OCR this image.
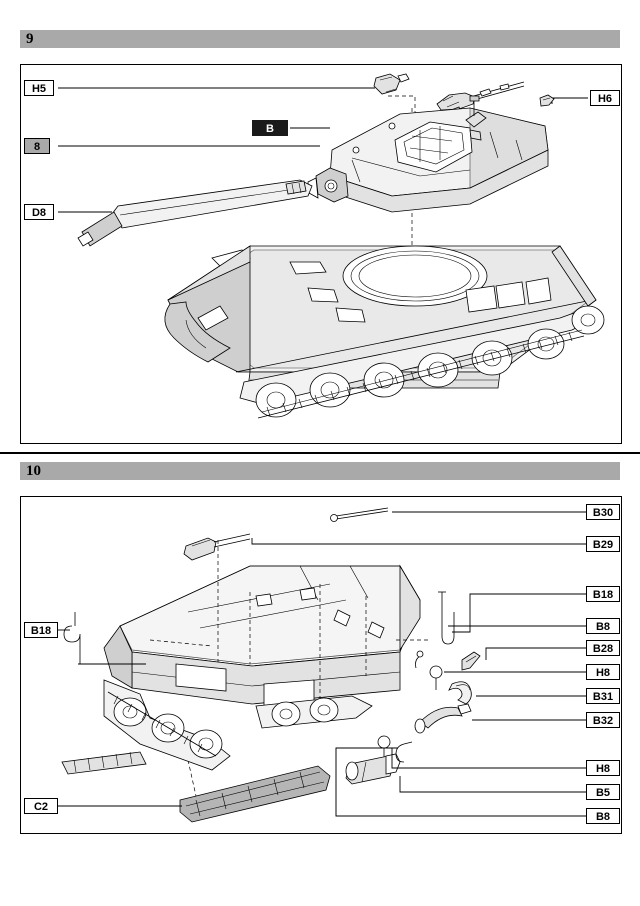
9
H5
8
D8
B
H6
10
B18
C2
B30
B29
B18
B8
B28
H8
B31
B32
H8
B5
B8
